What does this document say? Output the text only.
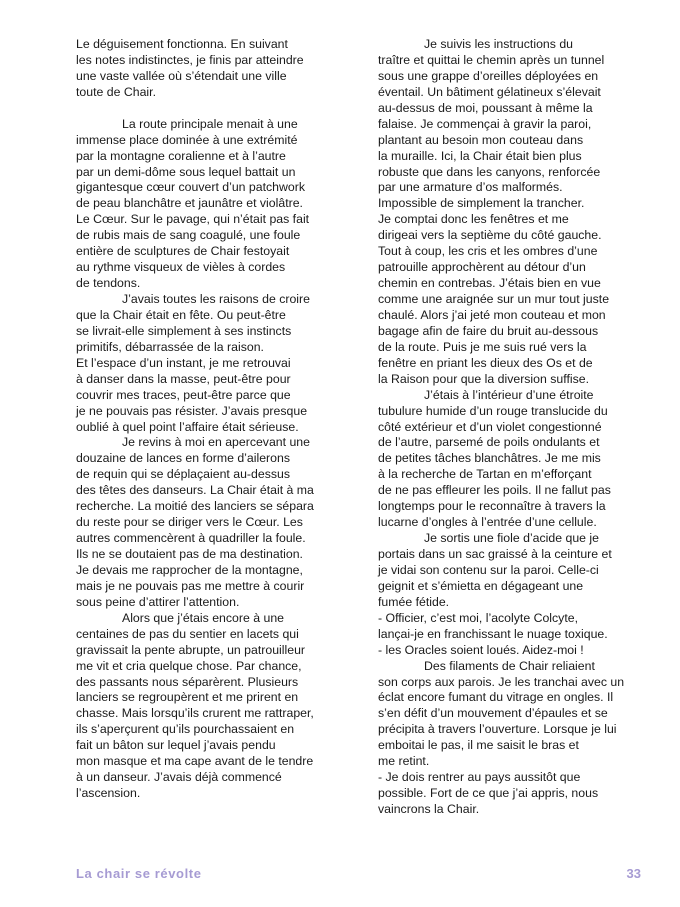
Le déguisement fonctionna. En suivant
les notes indistinctes, je finis par atteindre
une vaste vallée où s’étendait une ville
toute de Chair.
La route principale menait à une
immense place dominée à une extrémité
par la montagne coralienne et à l’autre
par un demi-dôme sous lequel battait un
gigantesque cœur couvert d’un patchwork
de peau blanchâtre et jaunâtre et violâtre.
Le Cœur. Sur le pavage, qui n’était pas fait
de rubis mais de sang coagulé, une foule
entière de sculptures de Chair festoyait
au rythme visqueux de vièles à cordes
de tendons.
J’avais toutes les raisons de croire
que la Chair était en fête. Ou peut-être
se livrait-elle simplement à ses instincts
primitifs, débarrassée de la raison.
Et l’espace d’un instant, je me retrouvai
à danser dans la masse, peut-être pour
couvrir mes traces, peut-être parce que
je ne pouvais pas résister. J’avais presque
oublié à quel point l’affaire était sérieuse.
Je revins à moi en apercevant une
douzaine de lances en forme d’ailerons
de requin qui se déplaçaient au-dessus
des têtes des danseurs. La Chair était à ma
recherche. La moitié des lanciers se sépara
du reste pour se diriger vers le Cœur. Les
autres commencèrent à quadriller la foule.
Ils ne se doutaient pas de ma destination.
Je devais me rapprocher de la montagne,
mais je ne pouvais pas me mettre à courir
sous peine d’attirer l’attention.
Alors que j’étais encore à une
centaines de pas du sentier en lacets qui
gravissait la pente abrupte, un patrouilleur
me vit et cria quelque chose. Par chance,
des passants nous séparèrent. Plusieurs
lanciers se regroupèrent et me prirent en
chasse. Mais lorsqu’ils crurent me rattraper,
ils s’aperçurent qu’ils pourchassaient en
fait un bâton sur lequel j’avais pendu
mon masque et ma cape avant de le tendre
à un danseur. J’avais déjà commencé
l’ascension.
Je suivis les instructions du
traître et quittai le chemin après un tunnel
sous une grappe d’oreilles déployées en
éventail. Un bâtiment gélatineux s’élevait
au-dessus de moi, poussant à même la
falaise. Je commençai à gravir la paroi,
plantant au besoin mon couteau dans
la muraille. Ici, la Chair était bien plus
robuste que dans les canyons, renforcée
par une armature d’os malformés.
Impossible de simplement la trancher.
Je comptai donc les fenêtres et me
dirigeai vers la septième du côté gauche.
Tout à coup, les cris et les ombres d’une
patrouille approchèrent au détour d’un
chemin en contrebas. J’étais bien en vue
comme une araignée sur un mur tout juste
chaulé. Alors j’ai jeté mon couteau et mon
bagage afin de faire du bruit au-dessous
de la route. Puis je me suis rué vers la
fenêtre en priant les dieux des Os et de
la Raison pour que la diversion suffise.
J’étais à l’intérieur d’une étroite
tubulure humide d’un rouge translucide du
côté extérieur et d’un violet congestionné
de l’autre, parsemé de poils ondulants et
de petites tâches blanchâtres. Je me mis
à la recherche de Tartan en m’efforçant
de ne pas effleurer les poils. Il ne fallut pas
longtemps pour le reconnaître à travers la
lucarne d’ongles à l’entrée d’une cellule.
Je sortis une fiole d’acide que je
portais dans un sac graissé à la ceinture et
je vidai son contenu sur la paroi. Celle-ci
geignit et s’émietta en dégageant une
fumée fétide.
- Officier, c’est moi, l’acolyte Colcyte,
lançai-je en franchissant le nuage toxique.
- les Oracles soient loués. Aidez-moi !
Des filaments de Chair reliaient
son corps aux parois. Je les tranchai avec un
éclat encore fumant du vitrage en ongles. Il
s’en défit d’un mouvement d’épaules et se
précipita à travers l’ouverture. Lorsque je lui
emboitai le pas, il me saisit le bras et
me retint.
- Je dois rentrer au pays aussitôt que
possible. Fort de ce que j’ai appris, nous
vaincrons la Chair.
La chair se révolte	33
